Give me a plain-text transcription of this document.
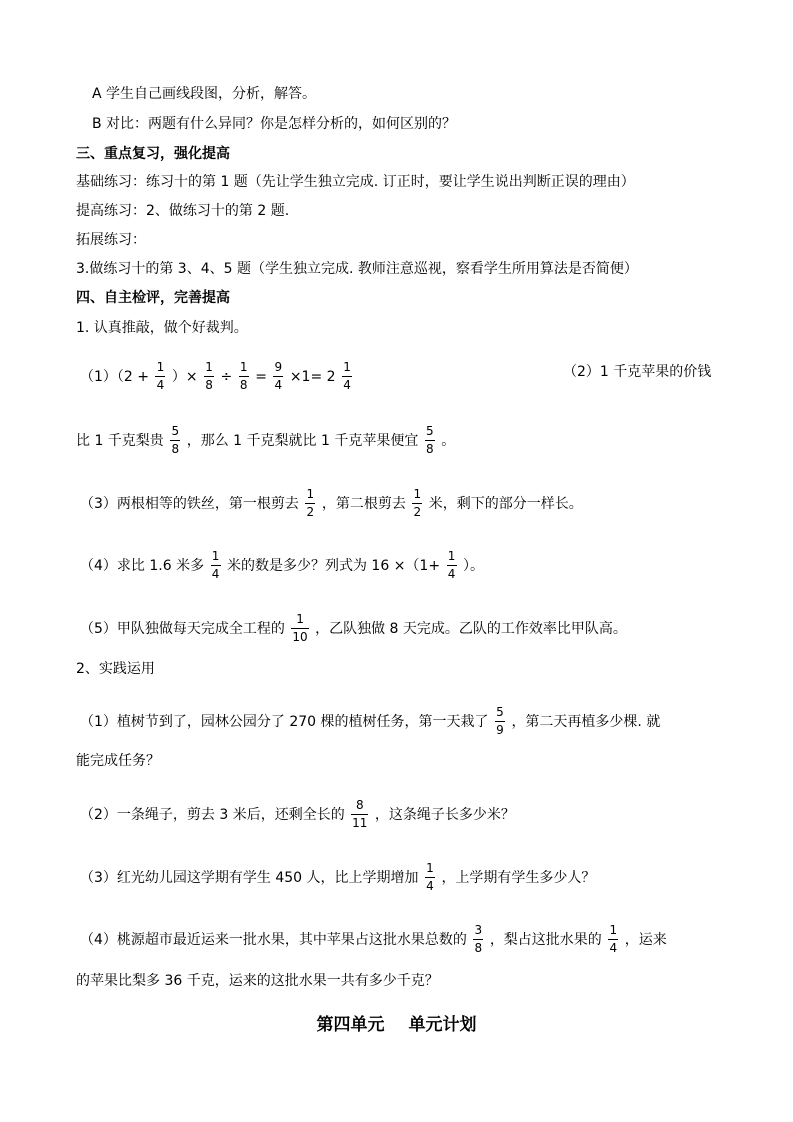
A 学生自己画线段图，分析，解答。
B 对比：两题有什么异同？你是怎样分析的，如何区别的？
三、重点复习，强化提高
基础练习：练习十的第 1 题（先让学生独立完成. 订正时，要让学生说出判断正误的理由）
提高练习：2、做练习十的第 2 题.
拓展练习：
3.做练习十的第 3、4、5 题（学生独立完成. 教师注意巡视，察看学生所用算法是否简便）
四、自主检评，完善提高
1. 认真推敲，做个好裁判。
$(1)(2 + \frac{1}{4}$ ）× $\frac{1}{8} \div \frac{1}{8} = \frac{9}{4} \times 1= 2 \frac{1}{4}$	（2）1 千克苹果的价钱
比 1 千克梨贵 $\frac{5}{8}$ ，那么 1 千克梨就比 1 千克苹果便宜 $\frac{5}{8}$ 。
（3）两根相等的铁丝，第一根剪去 $\frac{1}{2}$ ，第二根剪去 $\frac{1}{2}$ 米，剩下的部分一样长。
（4）求比 1.6 米多 $\frac{1}{4}$ 米的数是多少？列式为 $16 \times(1+ \frac{1}{4}$ ）。
（5）甲队独做每天完成全工程的 $\frac{1}{10}$ ，乙队独做 8 天完成。乙队的工作效率比甲队高。
2、实践运用
（1）植树节到了，园林公园分了 270 棵的植树任务，第一天栽了 $\frac{5}{9}$ ，第二天再植多少棵. 就
能完成任务？
（2）一条绳子，剪去 3 米后，还剩全长的 $\frac{8}{11}$ ，这条绳子长多少米？
（3）红光幼儿园这学期有学生 450 人，比上学期增加 $\frac{1}{4}$ ，上学期有学生多少人？
（4）桃源超市最近运来一批水果，其中苹果占这批水果总数的 $\frac{3}{8}$ ，梨占这批水果的 $\frac{1}{4}$ ，运来
的苹果比梨多 36 千克，运来的这批水果一共有多少千克？
第四单元 单元计划
